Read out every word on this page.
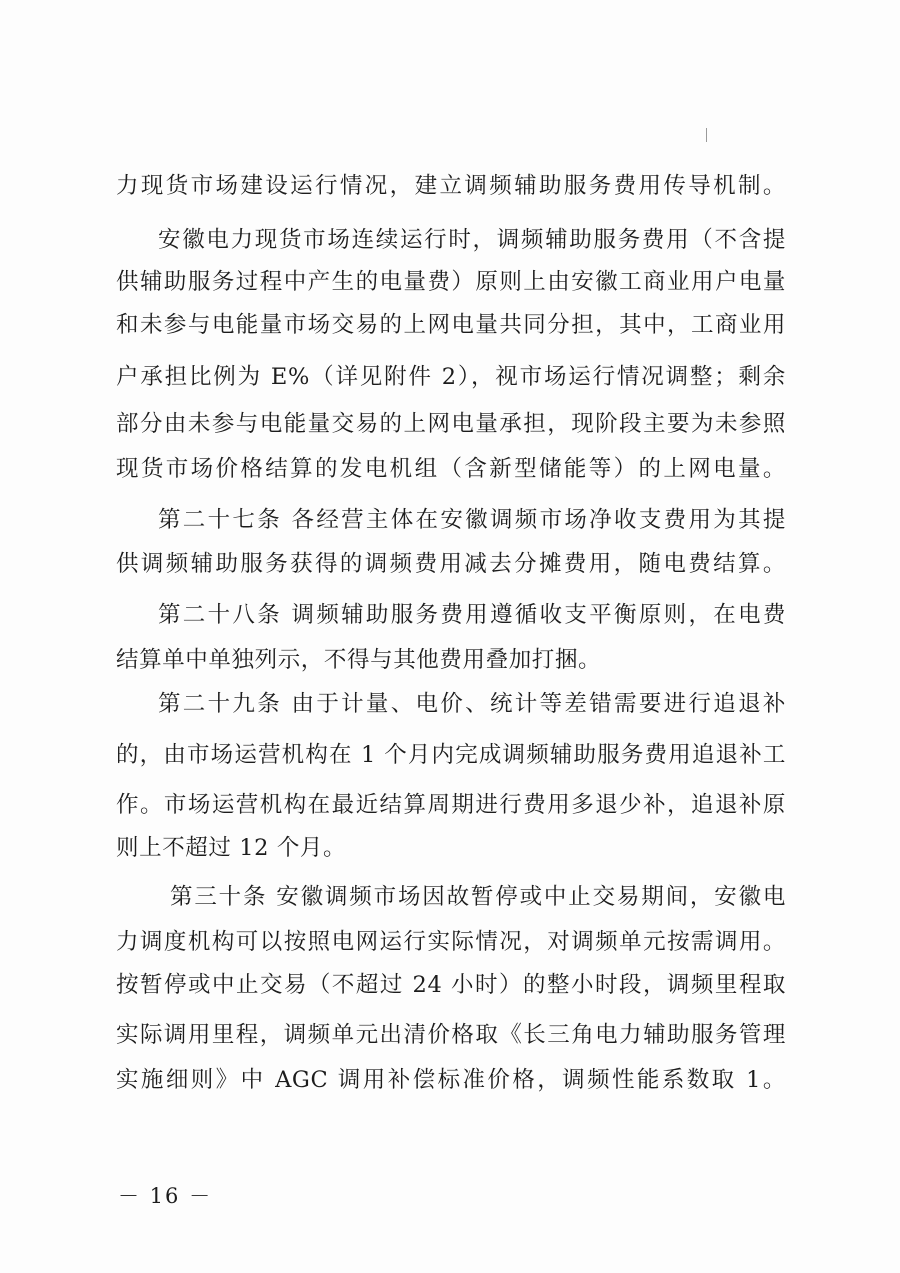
力现货市场建设运行情况，建立调频辅助服务费用传导机制。
安徽电力现货市场连续运行时，调频辅助服务费用（不含提
供辅助服务过程中产生的电量费）原则上由安徽工商业用户电量
和未参与电能量市场交易的上网电量共同分担，其中，工商业用
户承担比例为 E%（详见附件 2），视市场运行情况调整；剩余
部分由未参与电能量交易的上网电量承担，现阶段主要为未参照
现货市场价格结算的发电机组（含新型储能等）的上网电量。
第二十七条 各经营主体在安徽调频市场净收支费用为其提
供调频辅助服务获得的调频费用减去分摊费用，随电费结算。
第二十八条 调频辅助服务费用遵循收支平衡原则，在电费
结算单中单独列示，不得与其他费用叠加打捆。
第二十九条 由于计量、电价、统计等差错需要进行追退补
的，由市场运营机构在 1 个月内完成调频辅助服务费用追退补工
作。市场运营机构在最近结算周期进行费用多退少补，追退补原
则上不超过 12 个月。
第三十条 安徽调频市场因故暂停或中止交易期间，安徽电
力调度机构可以按照电网运行实际情况，对调频单元按需调用。
按暂停或中止交易（不超过 24 小时）的整小时段，调频里程取
实际调用里程，调频单元出清价格取《长三角电力辅助服务管理
实施细则》中 AGC 调用补偿标准价格，调频性能系数取 1。
－ 16 －
